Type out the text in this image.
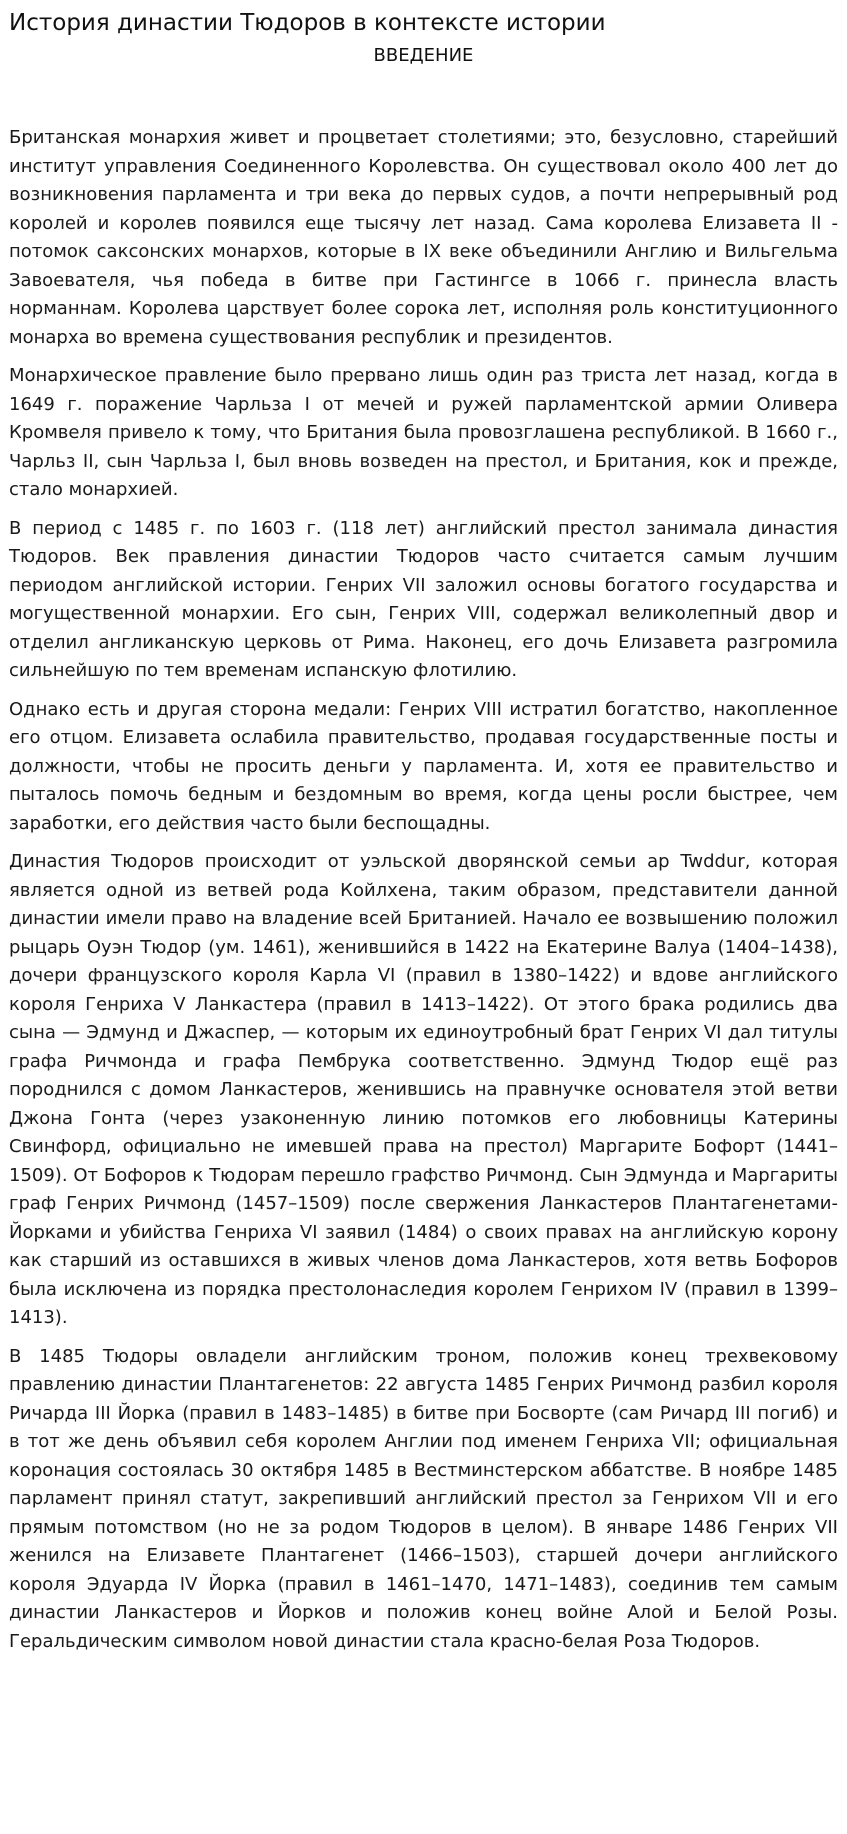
История династии Тюдоров в контексте истории
ВВЕДЕНИЕ

Британская монархия живет и процветает столетиями; это, безусловно, старейший институт управления Соединенного Королевства. Он существовал около 400 лет до возникновения парламента и три века до первых судов, а почти непрерывный род королей и королев появился еще тысячу лет назад. Сама королева Елизавета II - потомок саксонских монархов, которые в IX веке объединили Англию и Вильгельма Завоевателя, чья победа в битве при Гастингсе в 1066 г. принесла власть норманнам. Королева царствует более сорока лет, исполняя роль конституционного монарха во времена существования республик и президентов.

Монархическое правление было прервано лишь один раз триста лет назад, когда в 1649 г. поражение Чарльза I от мечей и ружей парламентской армии Оливера Кромвеля привело к тому, что Британия была провозглашена республикой. В 1660 г., Чарльз II, сын Чарльза I, был вновь возведен на престол, и Британия, кок и прежде, стало монархией.

В период с 1485 г. по 1603 г. (118 лет) английский престол занимала династия Тюдоров. Век правления династии Тюдоров часто считается самым лучшим периодом английской истории. Генрих VII заложил основы богатого государства и могущественной монархии. Его сын, Генрих VIII, содержал великолепный двор и отделил англиканскую церковь от Рима. Наконец, его дочь Елизавета разгромила сильнейшую по тем временам испанскую флотилию.

Однако есть и другая сторона медали: Генрих VIII истратил богатство, накопленное его отцом. Елизавета ослабила правительство, продавая государственные посты и должности, чтобы не просить деньги у парламента. И, хотя ее правительство и пыталось помочь бедным и бездомным во время, когда цены росли быстрее, чем заработки, его действия часто были беспощадны.

Династия Тюдоров происходит от уэльской дворянской семьи ap Twddur, которая является одной из ветвей рода Койлхена, таким образом, представители данной династии имели право на владение всей Британией. Начало ее возвышению положил рыцарь Оуэн Тюдор (ум. 1461), женившийся в 1422 на Екатерине Валуа (1404–1438), дочери французского короля Карла VI (правил в 1380–1422) и вдове английского короля Генриха V Ланкастера (правил в 1413–1422). От этого брака родились два сына — Эдмунд и Джаспер, — которым их единоутробный брат Генрих VI дал титулы графа Ричмонда и графа Пембрука соответственно. Эдмунд Тюдор ещё раз породнился с домом Ланкастеров, женившись на правнучке основателя этой ветви Джона Гонта (через узаконенную линию потомков его любовницы Катерины Свинфорд, официально не имевшей права на престол) Маргарите Бофорт (1441–1509). От Бофоров к Тюдорам перешло графство Ричмонд. Сын Эдмунда и Маргариты граф Генрих Ричмонд (1457–1509) после свержения Ланкастеров Плантагенетами-Йорками и убийства Генриха VI заявил (1484) о своих правах на английскую корону как старший из оставшихся в живых членов дома Ланкастеров, хотя ветвь Бофоров была исключена из порядка престолонаследия королем Генрихом IV (правил в 1399–1413).

В 1485 Тюдоры овладели английским троном, положив конец трехвековому правлению династии Плантагенетов: 22 августа 1485 Генрих Ричмонд разбил короля Ричарда III Йорка (правил в 1483–1485) в битве при Босворте (сам Ричард III погиб) и в тот же день объявил себя королем Англии под именем Генриха VII; официальная коронация состоялась 30 октября 1485 в Вестминстерском аббатстве. В ноябре 1485 парламент принял статут, закрепивший английский престол за Генрихом VII и его прямым потомством (но не за родом Тюдоров в целом). В январе 1486 Генрих VII женился на Елизавете Плантагенет (1466–1503), старшей дочери английского короля Эдуарда IV Йорка (правил в 1461–1470, 1471–1483), соединив тем самым династии Ланкастеров и Йорков и положив конец войне Алой и Белой Розы. Геральдическим символом новой династии стала красно-белая Роза Тюдоров.
